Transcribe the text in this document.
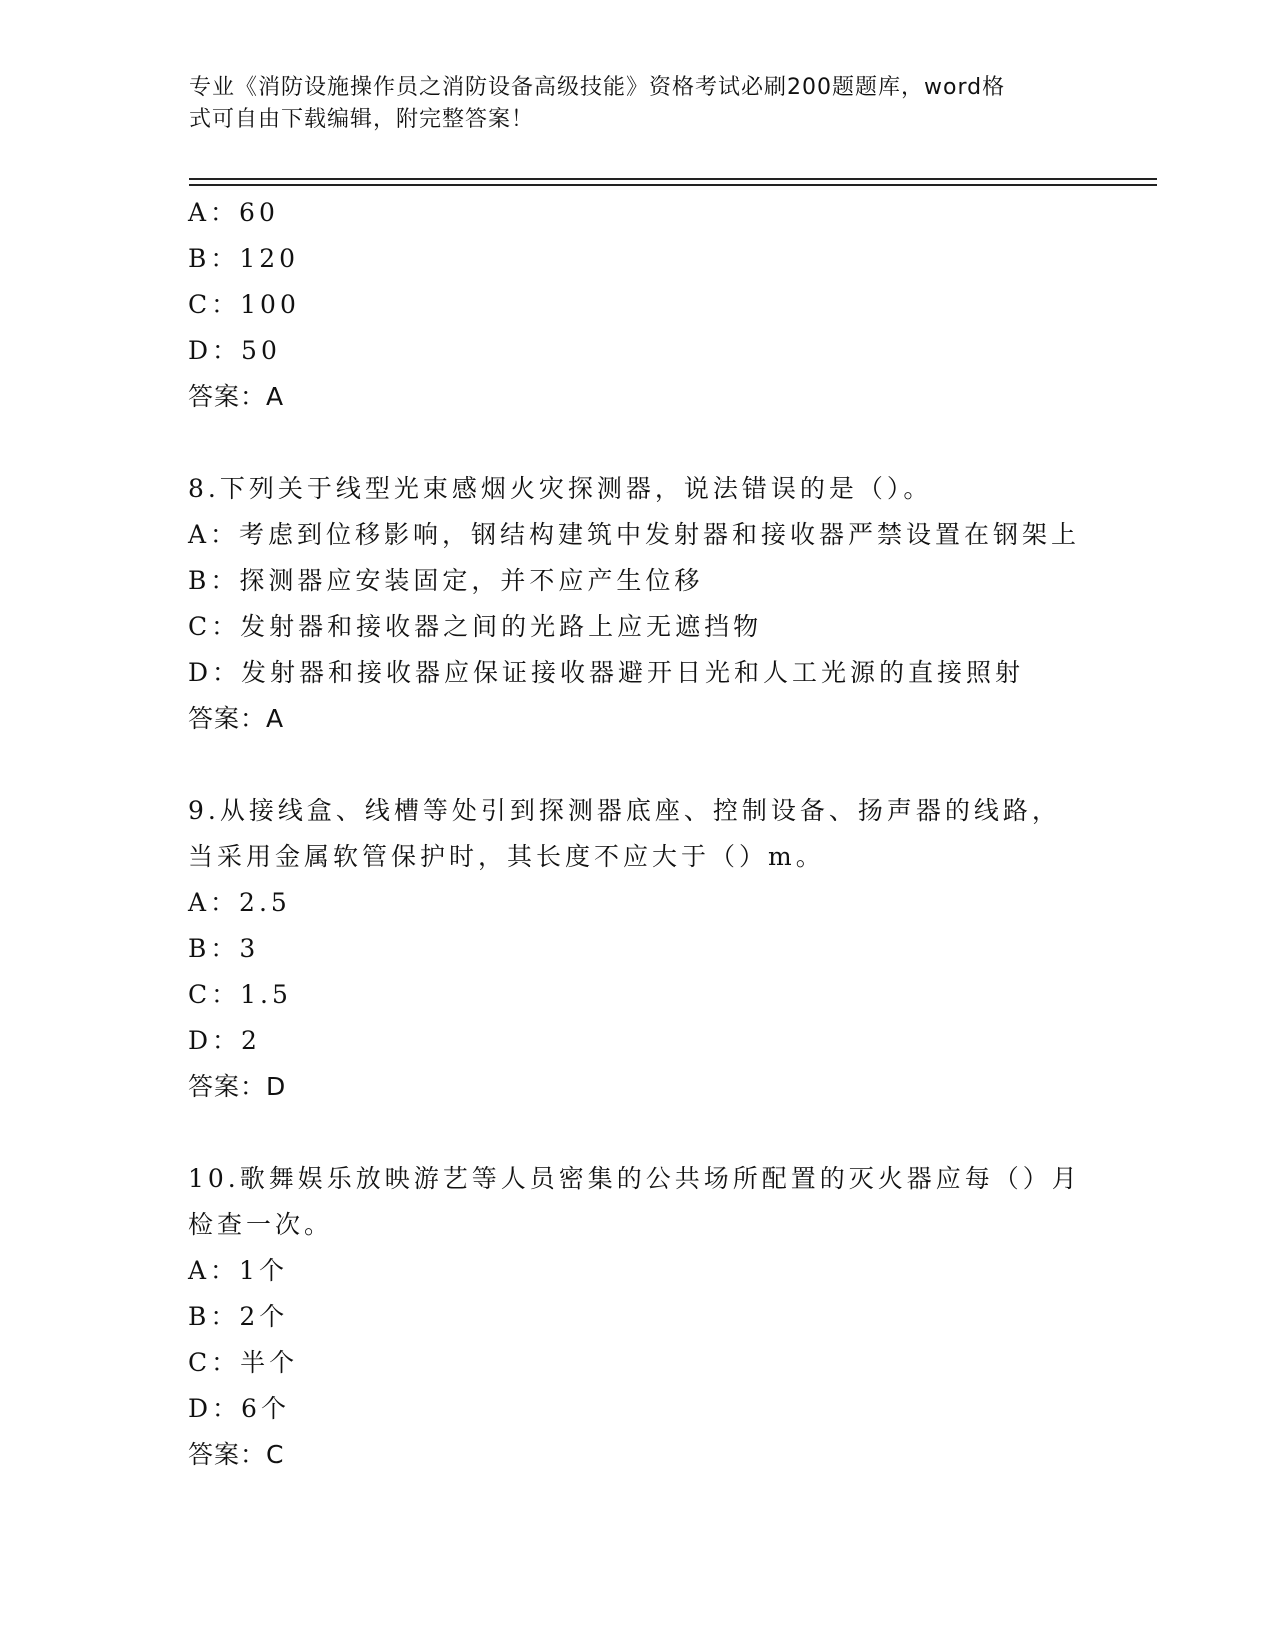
专业《消防设施操作员之消防设备高级技能》资格考试必刷200题题库，word格
式可自由下载编辑，附完整答案！
A：60
B：120
C：100
D：50
答案：A
8.下列关于线型光束感烟火灾探测器，说法错误的是（）。
A：考虑到位移影响，钢结构建筑中发射器和接收器严禁设置在钢架上
B：探测器应安装固定，并不应产生位移
C：发射器和接收器之间的光路上应无遮挡物
D：发射器和接收器应保证接收器避开日光和人工光源的直接照射
答案：A
9.从接线盒、线槽等处引到探测器底座、控制设备、扬声器的线路，
当采用金属软管保护时，其长度不应大于（）m。
A：2.5
B：3
C：1.5
D：2
答案：D
10.歌舞娱乐放映游艺等人员密集的公共场所配置的灭火器应每（）月
检查一次。
A：1个
B：2个
C：半个
D：6个
答案：C
